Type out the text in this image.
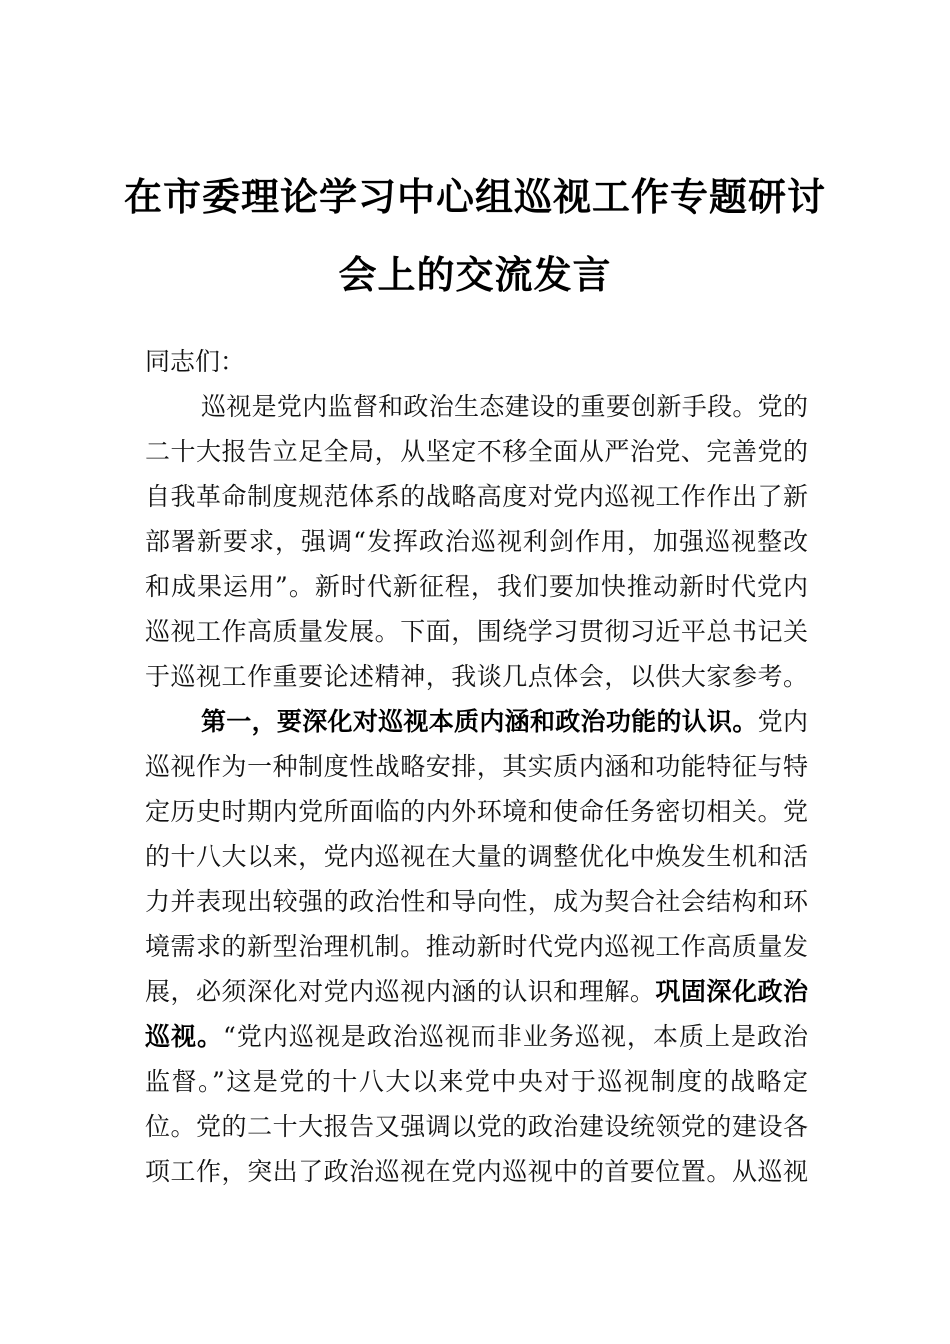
在市委理论学习中心组巡视工作专题研讨
会上的交流发言
同志们：
巡视是党内监督和政治生态建设的重要创新手段。党的
二十大报告立足全局，从坚定不移全面从严治党、完善党的
自我革命制度规范体系的战略高度对党内巡视工作作出了新
部署新要求，强调“发挥政治巡视利剑作用，加强巡视整改
和成果运用”。新时代新征程，我们要加快推动新时代党内
巡视工作高质量发展。下面，围绕学习贯彻习近平总书记关
于巡视工作重要论述精神，我谈几点体会，以供大家参考。
第一，要深化对巡视本质内涵和政治功能的认识。党内
巡视作为一种制度性战略安排，其实质内涵和功能特征与特
定历史时期内党所面临的内外环境和使命任务密切相关。党
的十八大以来，党内巡视在大量的调整优化中焕发生机和活
力并表现出较强的政治性和导向性，成为契合社会结构和环
境需求的新型治理机制。推动新时代党内巡视工作高质量发
展，必须深化对党内巡视内涵的认识和理解。巩固深化政治
巡视。“党内巡视是政治巡视而非业务巡视，本质上是政治
监督。”这是党的十八大以来党中央对于巡视制度的战略定
位。党的二十大报告又强调以党的政治建设统领党的建设各
项工作，突出了政治巡视在党内巡视中的首要位置。从巡视
